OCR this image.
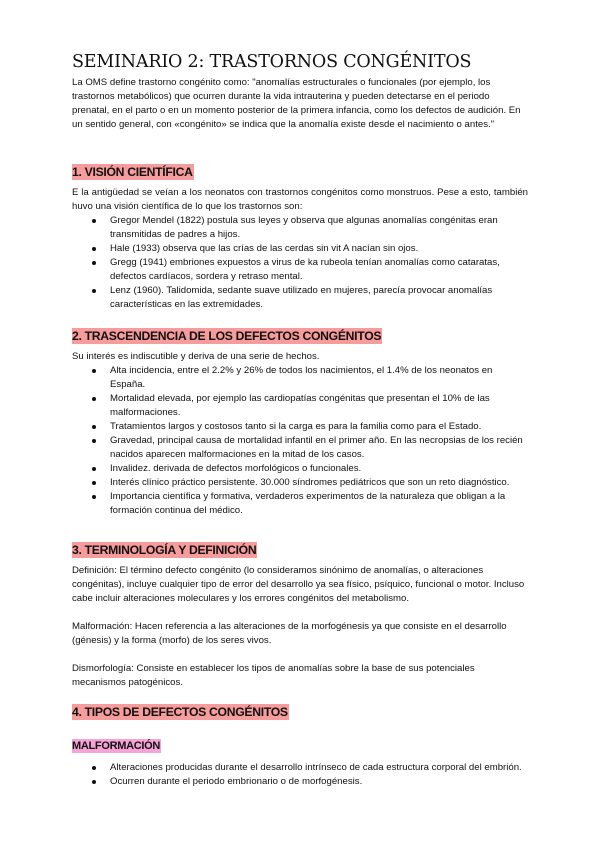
SEMINARIO 2: TRASTORNOS CONGÉNITOS

La OMS define trastorno congénito como: "anomalías estructurales o funcionales (por ejemplo, los trastornos metabólicos) que ocurren durante la vida intrauterina y pueden detectarse en el periodo prenatal, en el parto o en un momento posterior de la primera infancia, como los defectos de audición. En un sentido general, con «congénito» se indica que la anomalía existe desde el nacimiento o antes."

1. VISIÓN CIENTÍFICA

E la antigüedad se veían a los neonatos con trastornos congénitos como monstruos. Pese a esto, también huvo una visión científica de lo que los trastornos son:

Gregor Mendel (1822) postula sus leyes y observa que algunas anomalías congénitas eran transmitidas de padres a hijos.
Hale (1933) observa que las crías de las cerdas sin vit A nacían sin ojos.
Gregg (1941) embriones expuestos a virus de ka rubeola tenían anomalías como cataratas, defectos cardíacos, sordera y retraso mental.
Lenz (1960). Talidomida, sedante suave utilizado en mujeres, parecía provocar anomalías características en las extremidades.
2. TRASCENDENCIA DE LOS DEFECTOS CONGÉNITOS

Su interés es indiscutible y deriva de una serie de hechos.

Alta incidencia, entre el 2.2% y 26% de todos los nacimientos, el 1.4% de los neonatos en España.
Mortalidad elevada, por ejemplo las cardiopatías congénitas que presentan el 10% de las malformaciones.
Tratamientos largos y costosos tanto si la carga es para la familia como para el Estado.
Gravedad, principal causa de mortalidad infantil en el primer año. En las necropsias de los recién nacidos aparecen malformaciones en la mitad de los casos.
Invalidez. derivada de defectos morfológicos o funcionales.
Interés clínico práctico persistente. 30.000 síndromes pediátricos que son un reto diagnóstico.
Importancia científica y formativa, verdaderos experimentos de la naturaleza que obligan a la formación continua del médico.
3. TERMINOLOGÍA Y DEFINICIÓN

Definición: El término defecto congénito (lo consideramos sinónimo de anomalías, o alteraciones congénitas), incluye cualquier tipo de error del desarrollo ya sea físico, psíquico, funcional o motor. Incluso cabe incluir alteraciones moleculares y los errores congénitos del metabolismo.

Malformación: Hacen referencia a las alteraciones de la morfogénesis ya que consiste en el desarrollo (génesis) y la forma (morfo) de los seres vivos.

Dismorfología: Consiste en establecer los tipos de anomalías sobre la base de sus potenciales mecanismos patogénicos.

4. TIPOS DE DEFECTOS CONGÉNITOS
MALFORMACIÓN
Alteraciones producidas durante el desarrollo intrínseco de cada estructura corporal del embrión.
Ocurren durante el periodo embrionario o de morfogénesis.
